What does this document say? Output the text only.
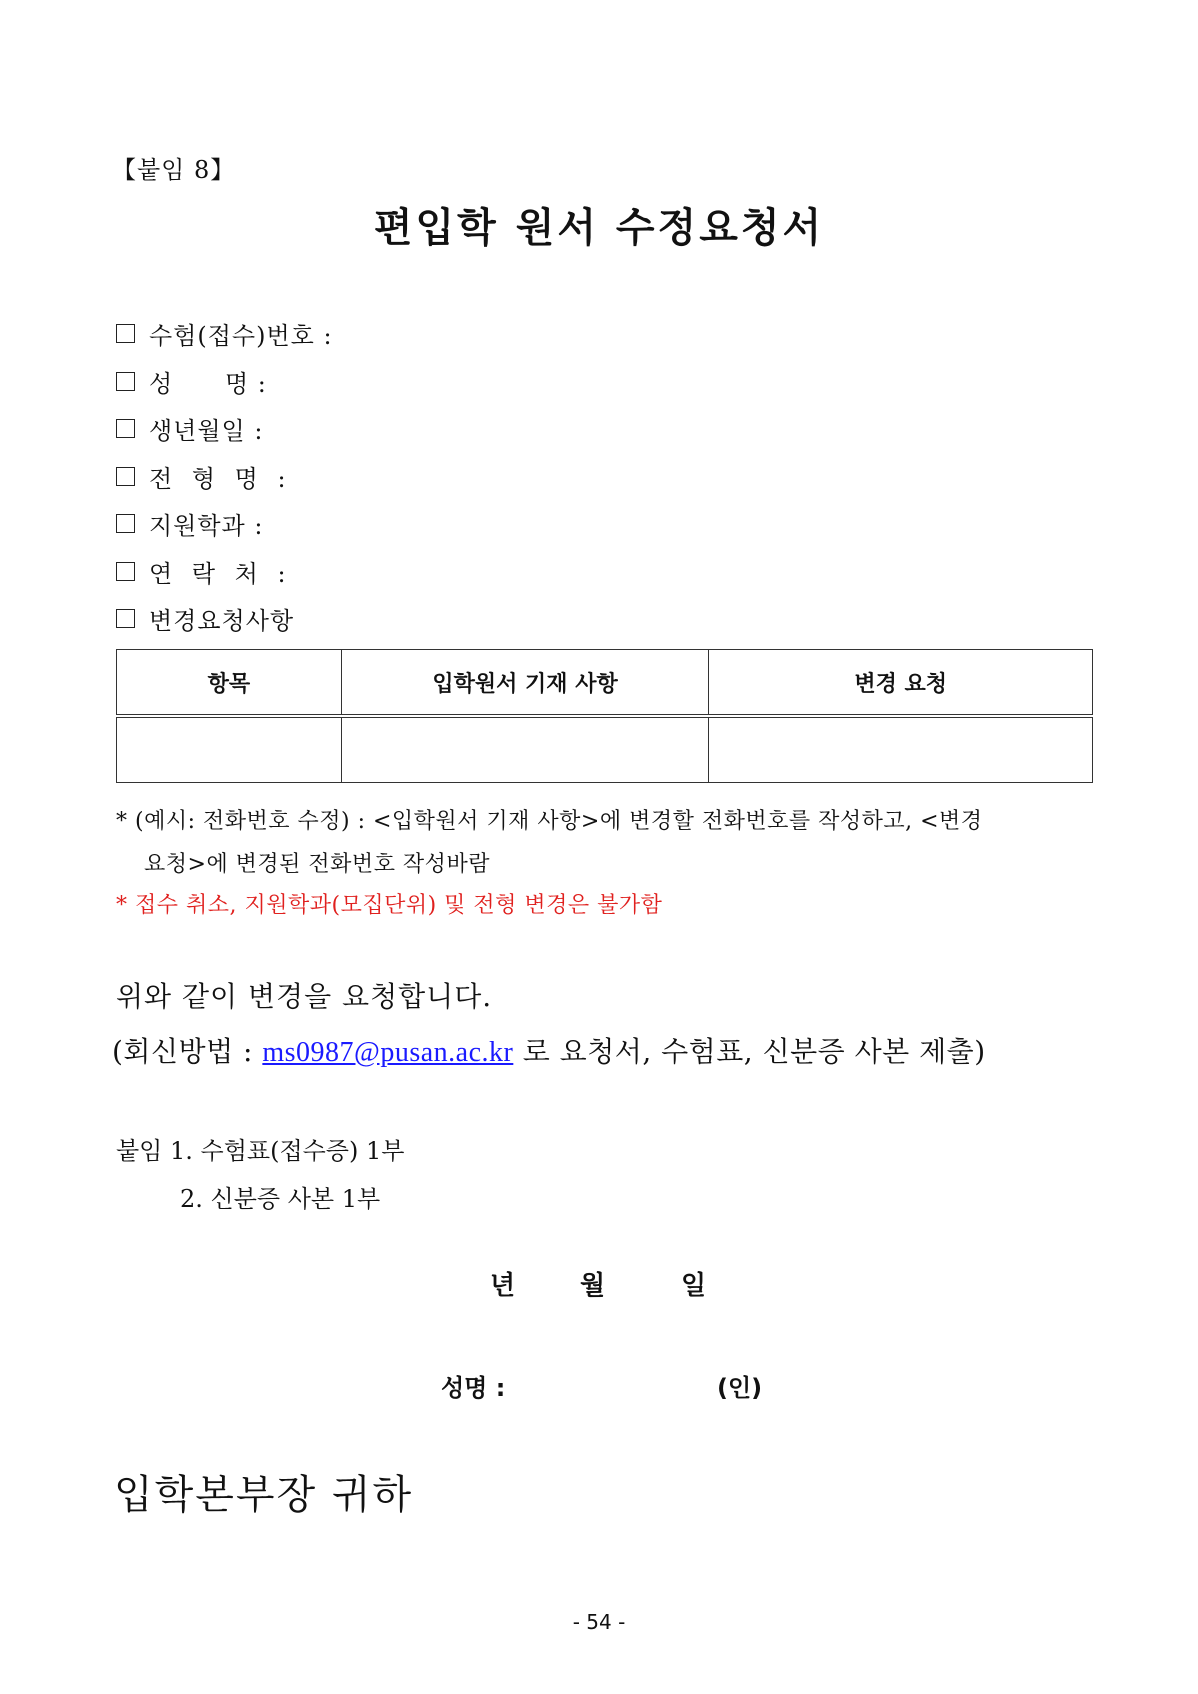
【붙임 8】
편입학 원서 수정요청서
수험(접수)번호 :
성      명 :
생년월일 :
전 형 명 :
지원학과 :
연 락 처 :
변경요청사항
항목	입학원서 기재 사항	변경 요청

* (예시: 전화번호 수정) : <입학원서 기재 사항>에 변경할 전화번호를 작성하고, <변경
요청>에 변경된 전화번호 작성바람
* 접수 취소, 지원학과(모집단위) 및 전형 변경은 불가함
위와 같이 변경을 요청합니다.
(회신방법 : ms0987@pusan.ac.kr 로 요청서, 수험표, 신분증 사본 제출)
붙임 1. 수험표(접수증) 1부
2. 신분증 사본 1부
년 월	일
성명 :	(인)
입학본부장 귀하
- 54 -
